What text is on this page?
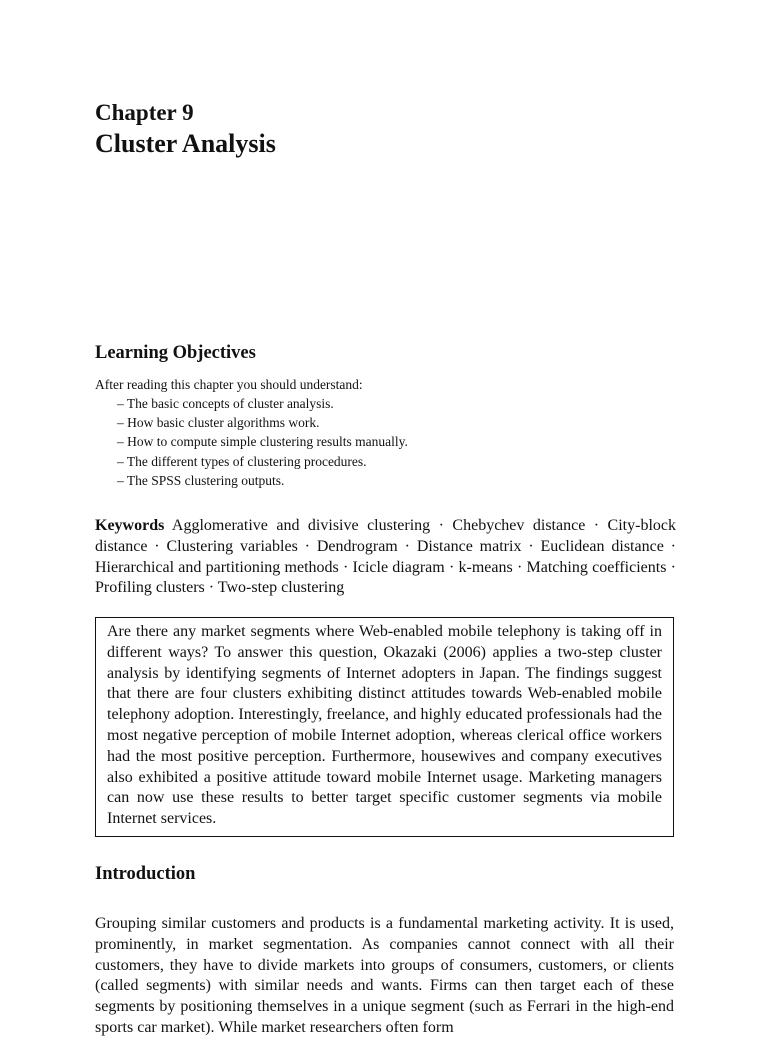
Chapter 9
Cluster Analysis
Learning Objectives
After reading this chapter you should understand:
– The basic concepts of cluster analysis.
– How basic cluster algorithms work.
– How to compute simple clustering results manually.
– The different types of clustering procedures.
– The SPSS clustering outputs.
Keywords Agglomerative and divisive clustering · Chebychev distance · City-block distance · Clustering variables · Dendrogram · Distance matrix · Euclidean distance · Hierarchical and partitioning methods · Icicle diagram · k-means · Matching coefficients · Profiling clusters · Two-step clustering
Are there any market segments where Web-enabled mobile telephony is taking off in different ways? To answer this question, Okazaki (2006) applies a two-step cluster analysis by identifying segments of Internet adopters in Japan. The findings suggest that there are four clusters exhibiting distinct attitudes towards Web-enabled mobile telephony adoption. Interestingly, freelance, and highly educated professionals had the most negative perception of mobile Internet adoption, whereas clerical office workers had the most positive perception. Furthermore, housewives and company executives also exhibited a positive attitude toward mobile Internet usage. Marketing managers can now use these results to better target specific customer segments via mobile Internet services.
Introduction
Grouping similar customers and products is a fundamental marketing activity. It is used, prominently, in market segmentation. As companies cannot connect with all their customers, they have to divide markets into groups of consumers, customers, or clients (called segments) with similar needs and wants. Firms can then target each of these segments by positioning themselves in a unique segment (such as Ferrari in the high-end sports car market). While market researchers often form
